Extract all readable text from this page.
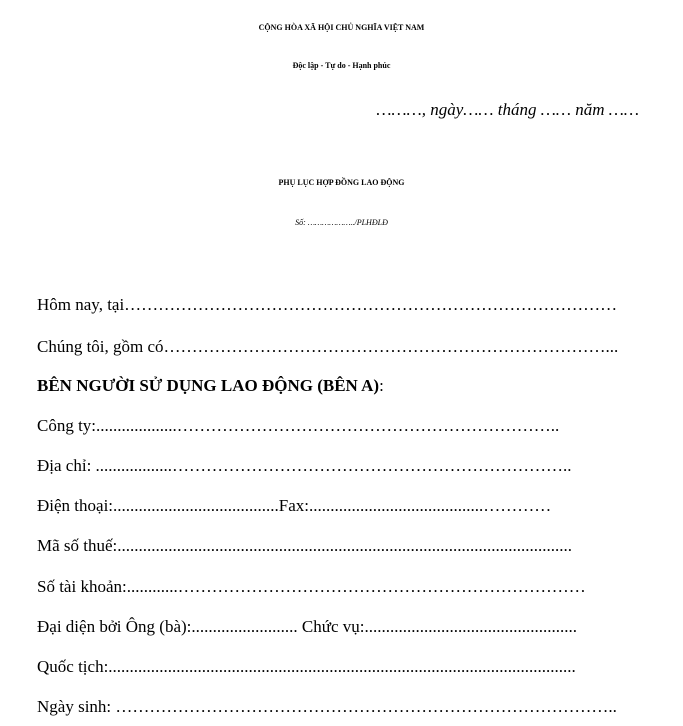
CỘNG HÒA XÃ HỘI CHỦ NGHĨA VIỆT NAM
Độc lập - Tự do - Hạnh phúc
………, ngày…… tháng …… năm ……
PHỤ LỤC HỢP ĐỒNG LAO ĐỘNG
Số: ………………../PLHĐLĐ
Hôm nay, tại……………………………………………………………………………
Chúng tôi, gồm có……………………………………………………………………...
BÊN NGƯỜI SỬ DỤNG LAO ĐỘNG (BÊN A):
Công ty:...................…………………………………………………………..
Địa chỉ: ..................……………………………………………………………..
Điện thoại:.......................................Fax:.........................................…………
Mã số thuế:...........................................................................................................
Số tài khoản:............………………………………………………………………
Đại diện bởi Ông (bà):......................... Chức vụ:..................................................
Quốc tịch:..............................................................................................................
Ngày sinh: ……………………………………………………………………………..
